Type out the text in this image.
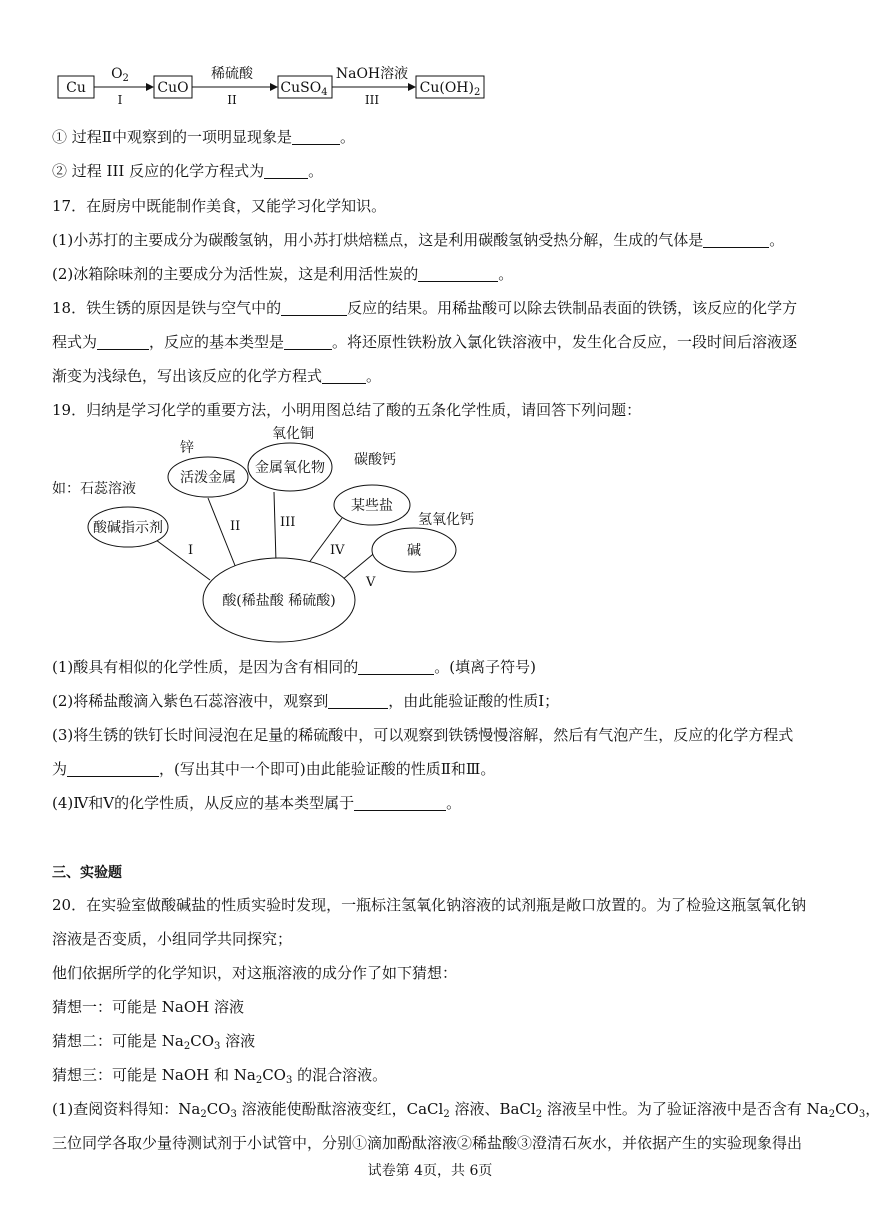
Cu
$O_2$
I
CuO
稀硫酸
II
CuSO$_4$
NaOH溶液
III
$Cu(OH)_2$
① 过程Ⅱ中观察到的一项明显现象是	。
② 过程 III 反应的化学方程式为	。
17．在厨房中既能制作美食，又能学习化学知识。
(1)小苏打的主要成分为碳酸氢钠，用小苏打烘焙糕点，这是利用碳酸氢钠受热分解，生成的气体是	。
(2)冰箱除味剂的主要成分为活性炭，这是利用活性炭的	。
18．铁生锈的原因是铁与空气中的	反应的结果。用稀盐酸可以除去铁制品表面的铁锈，该反应的化学方
程式为	，反应的基本类型是	。将还原性铁粉放入氯化铁溶液中，发生化合反应，一段时间后溶液逐
渐变为浅绿色，写出该反应的化学方程式	。
19．归纳是学习化学的重要方法，小明用图总结了酸的五条化学性质，请回答下列问题：
酸(稀盐酸 稀硫酸)
酸碱指示剂
活泼金属
金属氧化物
某些盐
碱
如：石蕊溶液
锌
氧化铜
碳酸钙
氢氧化钙
I
II	III
IV
V
(1)酸具有相似的化学性质，是因为含有相同的	。(填离子符号)
(2)将稀盐酸滴入紫色石蕊溶液中，观察到	，由此能验证酸的性质Ⅰ；
(3)将生锈的铁钉长时间浸泡在足量的稀硫酸中，可以观察到铁锈慢慢溶解，然后有气泡产生，反应的化学方程式
为	，(写出其中一个即可)由此能验证酸的性质Ⅱ和Ⅲ。
(4)Ⅳ和Ⅴ的化学性质，从反应的基本类型属于	。
三、实验题
20．在实验室做酸碱盐的性质实验时发现，一瓶标注氢氧化钠溶液的试剂瓶是敞口放置的。为了检验这瓶氢氧化钠
溶液是否变质，小组同学共同探究；
他们依据所学的化学知识，对这瓶溶液的成分作了如下猜想：
猜想一：可能是 NaOH 溶液
猜想二：可能是 $Na_2CO_3$ 溶液
猜想三：可能是 NaOH 和 $Na_2CO_3$ 的混合溶液。
(1)查阅资料得知：$Na_2CO_3$ 溶液能使酚酞溶液变红，CaCl$_2$ 溶液、BaCl$_2$ 溶液呈中性。为了验证溶液中是否含有 $Na_2CO_3$，
三位同学各取少量待测试剂于小试管中，分别①滴加酚酞溶液②稀盐酸③澄清石灰水，并依据产生的实验现象得出
试卷第 4页，共 6页
